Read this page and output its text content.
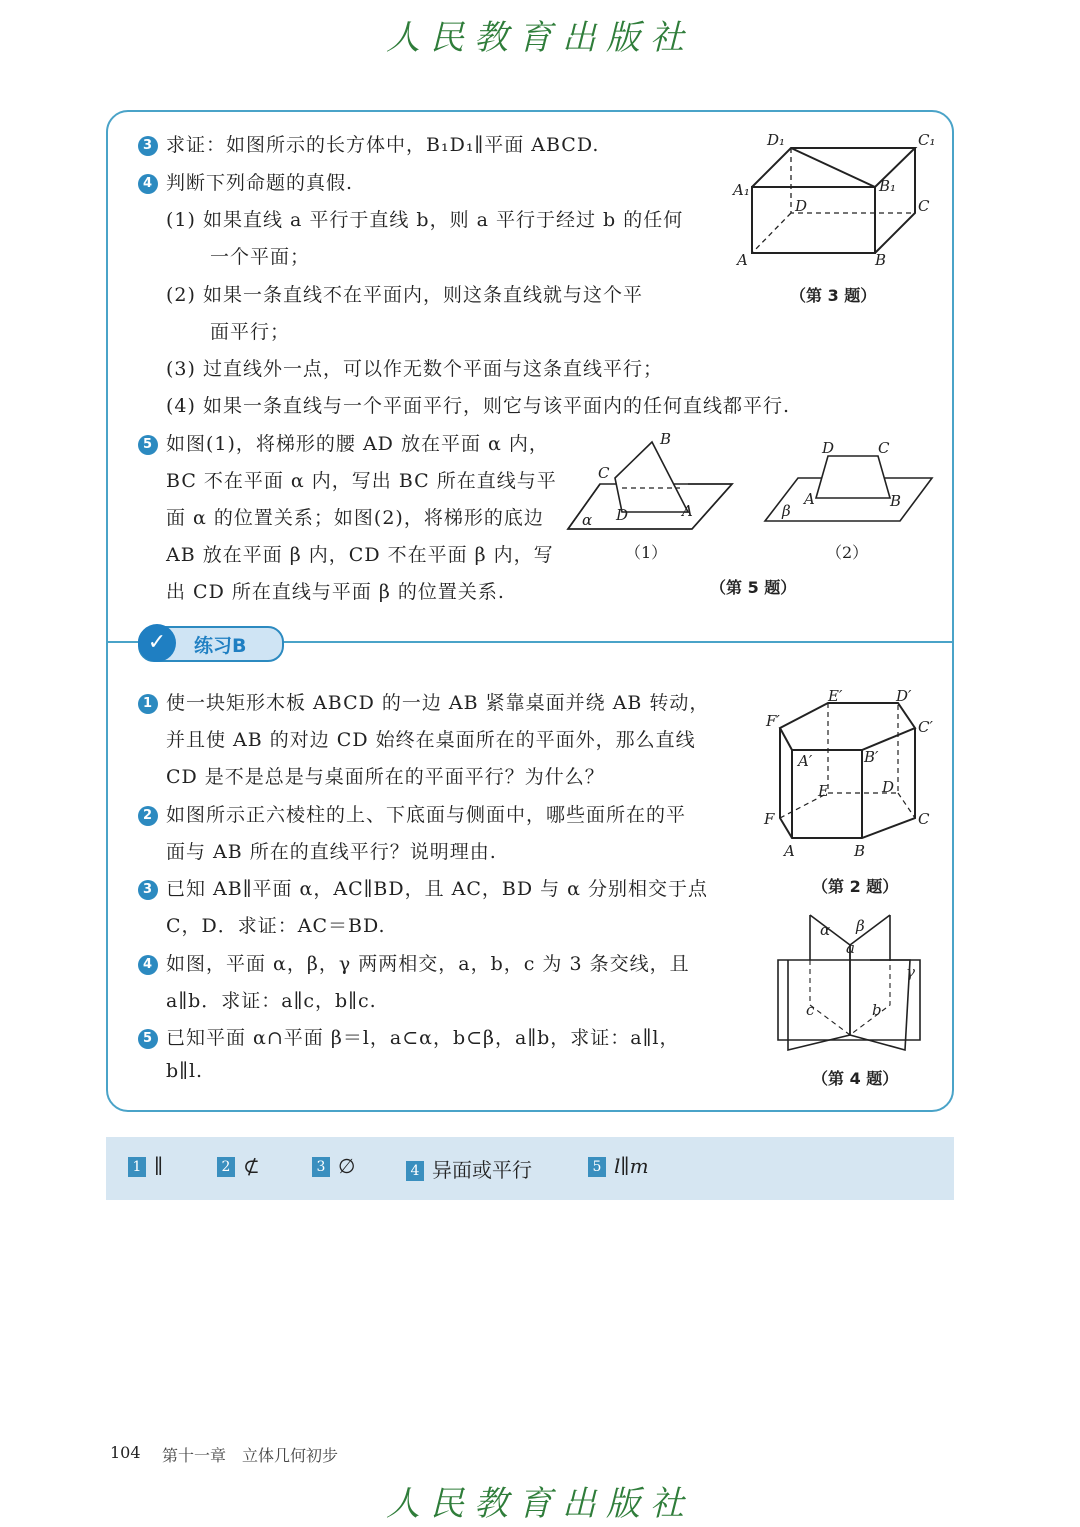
人民教育出版社
3 求证：如图所示的长方体中，B₁D₁∥平面 ABCD.
4 判断下列命题的真假.
(1) 如果直线 a 平行于直线 b，则 a 平行于经过 b 的任何
一个平面；
(2) 如果一条直线不在平面内，则这条直线就与这个平
面平行；
(3) 过直线外一点，可以作无数个平面与这条直线平行；
(4) 如果一条直线与一个平面平行，则它与该平面内的任何直线都平行.
5 如图(1)，将梯形的腰 AD 放在平面 α 内，
BC 不在平面 α 内，写出 BC 所在直线与平
面 α 的位置关系；如图(2)，将梯形的底边
AB 放在平面 β 内，CD 不在平面 β 内，写
出 CD 所在直线与平面 β 的位置关系.
D₁	C₁
A₁	B₁
D	C
A	B
（第 3 题）
B
C
D	A
α
D	C
A	B
β
（1）	（2）
（第 5 题）
✓	练习B
1 使一块矩形木板 ABCD 的一边 AB 紧靠桌面并绕 AB 转动，
并且使 AB 的对边 CD 始终在桌面所在的平面外，那么直线
CD 是不是总是与桌面所在的平面平行？为什么？
2 如图所示正六棱柱的上、下底面与侧面中，哪些面所在的平
面与 AB 所在的直线平行？说明理由.
3 已知 AB∥平面 α，AC∥BD，且 AC，BD 与 α 分别相交于点
C，D．求证：AC＝BD.
4 如图，平面 α，β，γ 两两相交，a，b，c 为 3 条交线，且
a∥b．求证：a∥c，b∥c.
5 已知平面 α∩平面 β＝l，a⊂α，b⊂β，a∥b，求证：a∥l，
b∥l.
E′	D′
F′	C′
A′	B′
E	D
F	C
A	B
（第 2 题）
α β
a
γ
c	b
（第 4 题）
1 ∥	2 ⊄	3 ∅	4 异面或平行	5 l∥m
104 第十一章　立体几何初步
人民教育出版社
